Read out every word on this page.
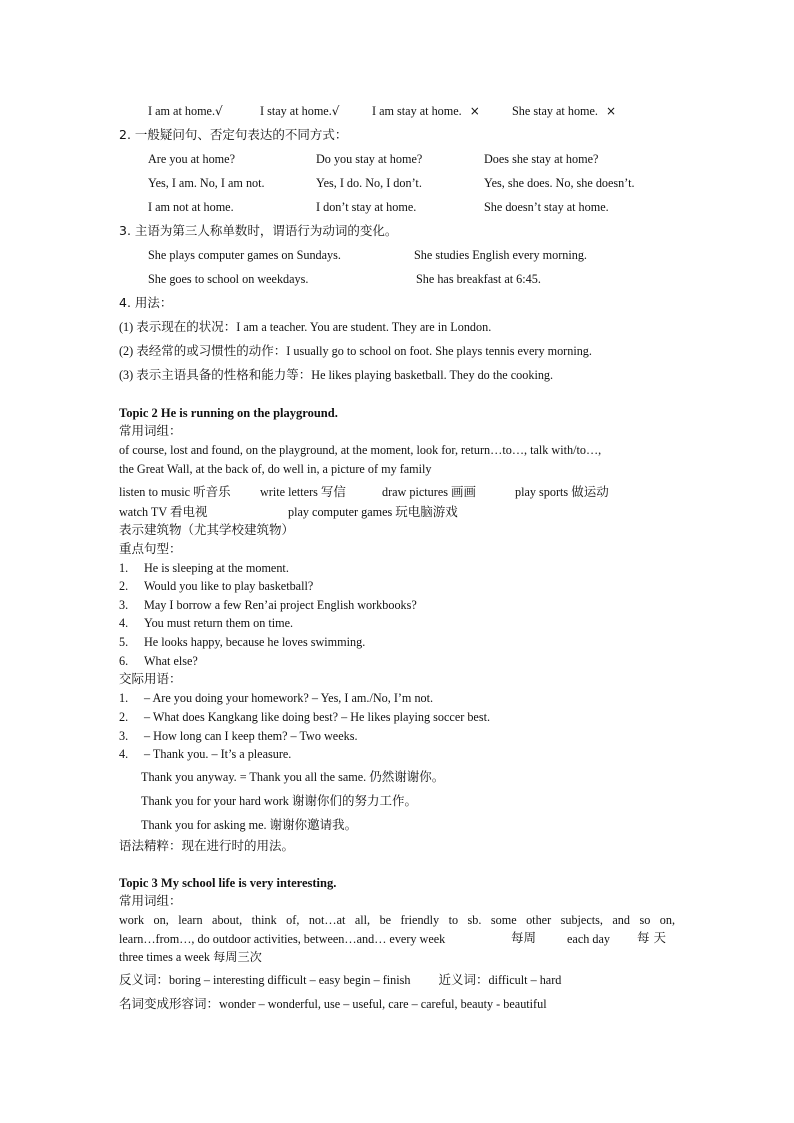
I am at home.√	I stay at home.√	I am stay at home. ×	She stay at home. ×
2. 一般疑问句、否定句表达的不同方式：
Are you at home?	Do you stay at home?	Does she stay at home?
Yes, I am. No, I am not.	Yes, I do. No, I don’t.	Yes, she does. No, she doesn’t.
I am not at home.	I don’t stay at home.	She doesn’t stay at home.
3. 主语为第三人称单数时，谓语行为动词的变化。
She plays computer games on Sundays.	She studies English every morning.
She goes to school on weekdays.	She has breakfast at 6:45.
4. 用法：
(1) 表示现在的状况：I am a teacher. You are student. They are in London.
(2) 表经常的或习惯性的动作：I usually go to school on foot. She plays tennis every morning.
(3) 表示主语具备的性格和能力等：He likes playing basketball. They do the cooking.
Topic 2 He is running on the playground.
常用词组：
of course, lost and found, on the playground, at the moment, look for, return…to…, talk with/to…,
the Great Wall, at the back of, do well in, a picture of my family
listen to music 听音乐 write letters 写信	draw pictures 画画	play sports 做运动
watch TV 看电视	play computer games 玩电脑游戏
表示建筑物（尤其学校建筑物）
重点句型：
1. He is sleeping at the moment.
2. Would you like to play basketball?
3. May I borrow a few Ren’ai project English workbooks?
4. You must return them on time.
5. He looks happy, because he loves swimming.
6. What else?
交际用语：
1. – Are you doing your homework? – Yes, I am./No, I’m not.
2. – What does Kangkang like doing best? – He likes playing soccer best.
3. – How long can I keep them? – Two weeks.
4. – Thank you. – It’s a pleasure.
Thank you anyway. = Thank you all the same. 仍然谢谢你。
Thank you for your hard work 谢谢你们的努力工作。
Thank you for asking me. 谢谢你邀请我。
语法精粹：现在进行时的用法。
Topic 3 My school life is very interesting.
常用词组：
work on, learn about, think of, not…at all, be friendly to sb. some other subjects, and so on,
learn…from…, do outdoor activities, between…and… every week	每周	each day 每 天
three times a week 每周三次
反义词：boring – interesting difficult – easy begin – finish 近义词：difficult – hard
名词变成形容词：wonder – wonderful, use – useful, care – careful, beauty - beautiful
